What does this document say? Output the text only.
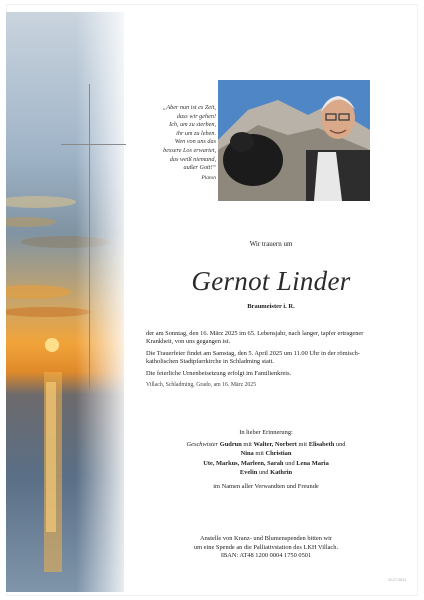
„Aber nun ist es Zeit,
dass wir gehen!
Ich, um zu sterben,
ihr um zu leben.
Wen von uns das
bessere Los erwartet,
das weiß niemand,
außer Gott!“
Platon
Wir trauern um
Gernot Linder
Braumeister i. R.

der am Sonntag, den 16. März 2025 im 65. Lebensjahr, nach langer, tapfer ertragener Krankheit, von uns gegangen ist.

Die Trauerfeier findet am Samstag, den 5. April 2025 um 11.00 Uhr in der römisch-katholischen Stadtpfarrkirche in Schladming statt.

Die feierliche Urnenbeisetzung erfolgt im Familienkreis.

Villach, Schladming, Grado, am 16. März 2025

In lieber Erinnerung:
Geschwister Gudrun mit Walter, Norbert mit Elisabeth und
Nina mit Christian
Ute, Markus, Marleen, Sarah und Lena Maria
Evelin und Kathrin
im Namen aller Verwandten und Freunde
Anstelle von Kranz- und Blumenspenden bitten wir
um eine Spende an die Palliativstation des LKH Villach.
IBAN: AT48 1200 0004 1750 0501
31-07-0813
